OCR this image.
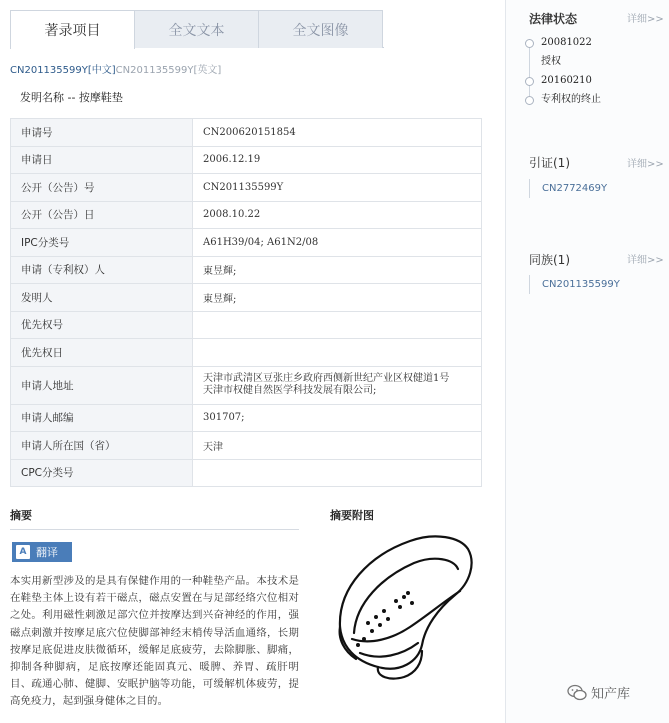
著录项目	全文文本	全文图像
CN201135599Y[中文]CN201135599Y[英文]
发明名称 -- 按摩鞋垫
申请号	CN200620151854
申请日	2006.12.19
公开（公告）号	CN201135599Y
公开（公告）日	2008.10.22
IPC分类号	A61H39/04; A61N2/08
申请（专利权）人	東昱輝;
发明人	東昱輝;
优先权号	
优先权日	
申请人地址	天津市武清区豆张庄乡政府西侧新世纪产业区权健道1号
天津市权健自然医学科技发展有限公司;

申请人邮编	301707;
申请人所在国（省）	天津
CPC分类号	
摘要
A 翻译
本实用新型涉及的是具有保健作用的一种鞋垫产品。本技术是在鞋垫主体上设有若干磁点，磁点安置在与足部经络穴位相对之处。利用磁性刺激足部穴位并按摩达到兴奋神经的作用，强磁点刺激并按摩足底穴位使脚部神经末梢传导活血通络，长期按摩足底促进皮肤微循环，缓解足底疲劳，去除脚胀、脚痛，抑制各种脚病，足底按摩还能固真元、暖脾、养胃、疏肝明目、疏通心肺、健脚、安眠护脑等功能，可缓解机体疲劳，提高免疫力，起到强身健体之目的。
摘要附图
法律状态	详细>>
20081022
授权
20160210
专利权的终止
引证(1)	详细>>
CN2772469Y
同族(1)	详细>>
CN201135599Y
知产库
